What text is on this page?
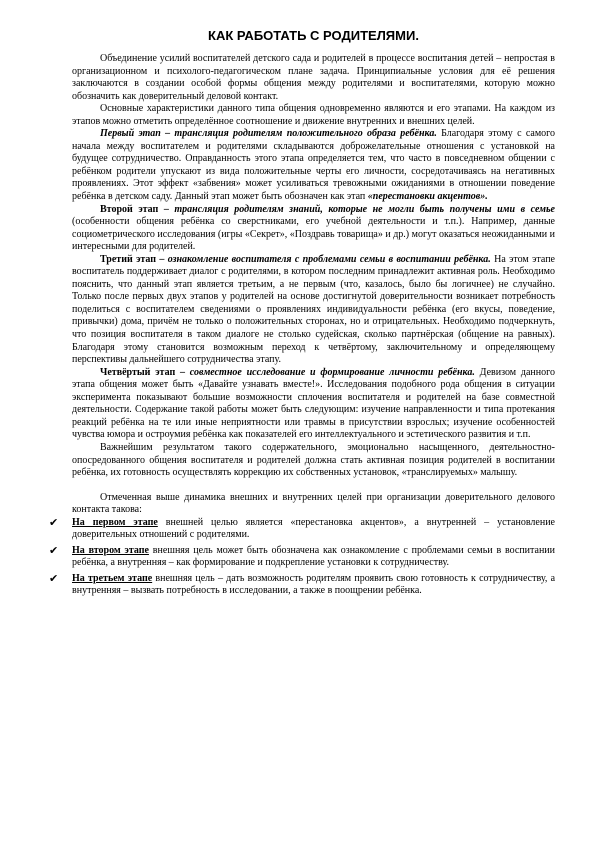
КАК РАБОТАТЬ С РОДИТЕЛЯМИ.

Объединение усилий воспитателей детского сада и родителей в процессе воспитания детей – непростая в организационном и психолого-педагогическом плане задача. Принципиальные условия для её решения заключаются в создании особой формы общения между родителями и воспитателями, которую можно обозначить как доверительный деловой контакт.

Основные характеристики данного типа общения одновременно являются и его этапами. На каждом из этапов можно отметить определённое соотношение и движение внутренних и внешних целей.

Первый этап – трансляция родителям положительного образа ребёнка. Благодаря этому с самого начала между воспитателем и родителями складываются доброжелательные отношения с установкой на будущее сотрудничество. Оправданность этого этапа определяется тем, что часто в повседневном общении с ребёнком родители упускают из вида положительные черты его личности, сосредотачиваясь на негативных проявлениях. Этот эффект «забвения» может усиливаться тревожными ожиданиями в отношении поведение ребёнка в детском саду. Данный этап может быть обозначен как этап «перестановки акцентов».

Второй этап – трансляция родителям знаний, которые не могли быть получены ими в семье (особенности общения ребёнка со сверстниками, его учебной деятельности и т.п.). Например, данные социометрического исследования (игры «Секрет», «Поздравь товарища» и др.) могут оказаться неожиданными и интересными для родителей.

Третий этап – ознакомление воспитателя с проблемами семьи в воспитании ребёнка. На этом этапе воспитатель поддерживает диалог с родителями, в котором последним принадлежит активная роль. Необходимо пояснить, что данный этап является третьим, а не первым (что, казалось, было бы логичнее) не случайно. Только после первых двух этапов у родителей на основе достигнутой доверительности возникает потребность поделиться с воспитателем сведениями о проявлениях индивидуальности ребёнка (его вкусы, поведение, привычки) дома, причём не только о положительных сторонах, но и отрицательных. Необходимо подчеркнуть, что позиция воспитателя в таком диалоге не столько судейская, сколько партнёрская (общение на равных). Благодаря этому становится возможным переход к четвёртому, заключительному и определяющему перспективы дальнейшего сотрудничества этапу.

Четвёртый этап – совместное исследование и формирование личности ребёнка. Девизом данного этапа общения может быть «Давайте узнавать вместе!». Исследования подобного рода общения в ситуации эксперимента показывают большие возможности сплочения воспитателя и родителей на базе совместной деятельности. Содержание такой работы может быть следующим: изучение направленности и типа протекания реакций ребёнка на те или иные неприятности или травмы в присутствии взрослых; изучение особенностей чувства юмора и остроумия ребёнка как показателей его интеллектуального и эстетического развития и т.п.

Важнейшим результатом такого содержательного, эмоционально насыщенного, деятельностно-опосредованного общения воспитателя и родителей должна стать активная позиция родителей в воспитании ребёнка, их готовность осуществлять коррекцию их собственных установок, «транслируемых» малышу.

Отмеченная выше динамика внешних и внутренних целей при организации доверительного делового контакта такова:

✔ На первом этапе внешней целью является «перестановка акцентов», а внутренней – установление доверительных отношений с родителями.
✔ На втором этапе внешняя цель может быть обозначена как ознакомление с проблемами семьи в воспитании ребёнка, а внутренняя – как формирование и подкрепление установки к сотрудничеству.
✔ На третьем этапе внешняя цель – дать возможность родителям проявить свою готовность к сотрудничеству, а внутренняя – вызвать потребность в исследовании, а также в поощрении ребёнка.
